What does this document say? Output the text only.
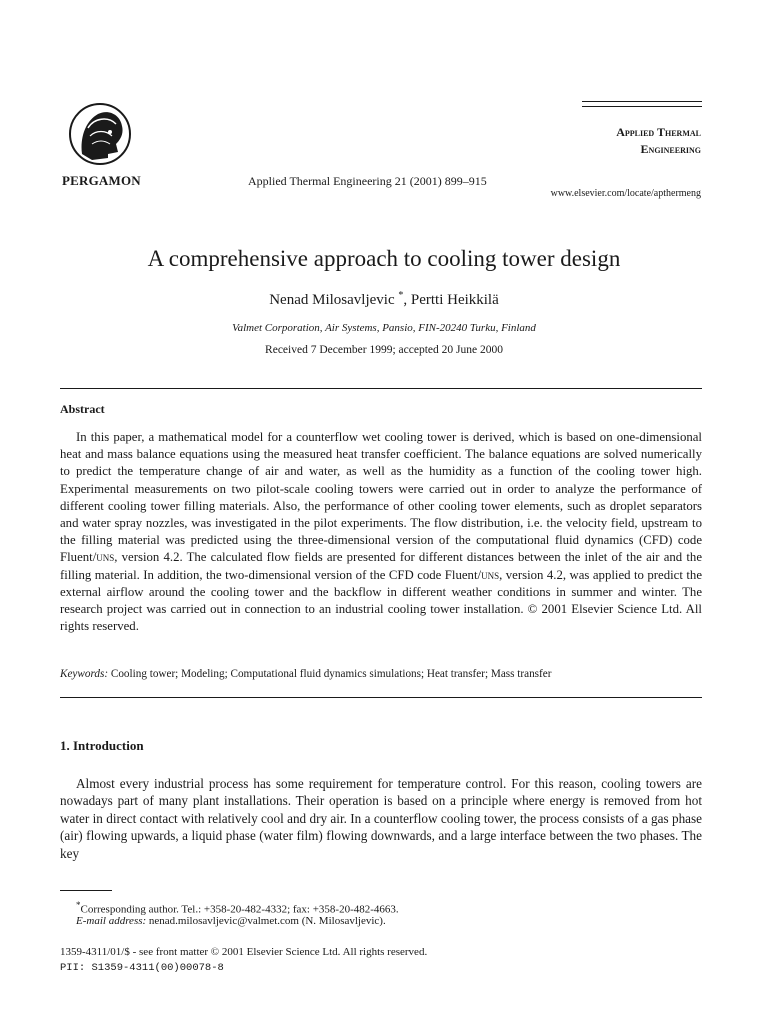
PERGAMON	Applied Thermal Engineering 21 (2001) 899–915
Applied Thermal
Engineering
www.elsevier.com/locate/apthermeng
A comprehensive approach to cooling tower design
Nenad Milosavljevic *, Pertti Heikkilä
Valmet Corporation, Air Systems, Pansio, FIN-20240 Turku, Finland
Received 7 December 1999; accepted 20 June 2000
Abstract

In this paper, a mathematical model for a counterflow wet cooling tower is derived, which is based on one-dimensional heat and mass balance equations using the measured heat transfer coefficient. The balance equations are solved numerically to predict the temperature change of air and water, as well as the humidity as a function of the cooling tower high. Experimental measurements on two pilot-scale cooling towers were carried out in order to analyze the performance of different cooling tower filling materials. Also, the performance of other cooling tower elements, such as droplet separators and water spray nozzles, was investigated in the pilot experiments. The flow distribution, i.e. the velocity field, upstream to the filling material was predicted using the three-dimensional version of the computational fluid dynamics (CFD) code Fluent/uns, version 4.2. The calculated flow fields are presented for different distances between the inlet of the air and the filling material. In addition, the two-dimensional version of the CFD code Fluent/uns, version 4.2, was applied to predict the external airflow around the cooling tower and the backflow in different weather conditions in summer and winter. The research project was carried out in connection to an industrial cooling tower installation. © 2001 Elsevier Science Ltd. All rights reserved.

Keywords: Cooling tower; Modeling; Computational fluid dynamics simulations; Heat transfer; Mass transfer
1. Introduction

Almost every industrial process has some requirement for temperature control. For this reason, cooling towers are nowadays part of many plant installations. Their operation is based on a principle where energy is removed from hot water in direct contact with relatively cool and dry air. In a counterflow cooling tower, the process consists of a gas phase (air) flowing upwards, a liquid phase (water film) flowing downwards, and a large interface between the two phases. The key

*Corresponding author. Tel.: +358-20-482-4332; fax: +358-20-482-4663.
E-mail address: nenad.milosavljevic@valmet.com (N. Milosavljevic).
1359-4311/01/$ - see front matter © 2001 Elsevier Science Ltd. All rights reserved.
PII: S1359-4311(00)00078-8
